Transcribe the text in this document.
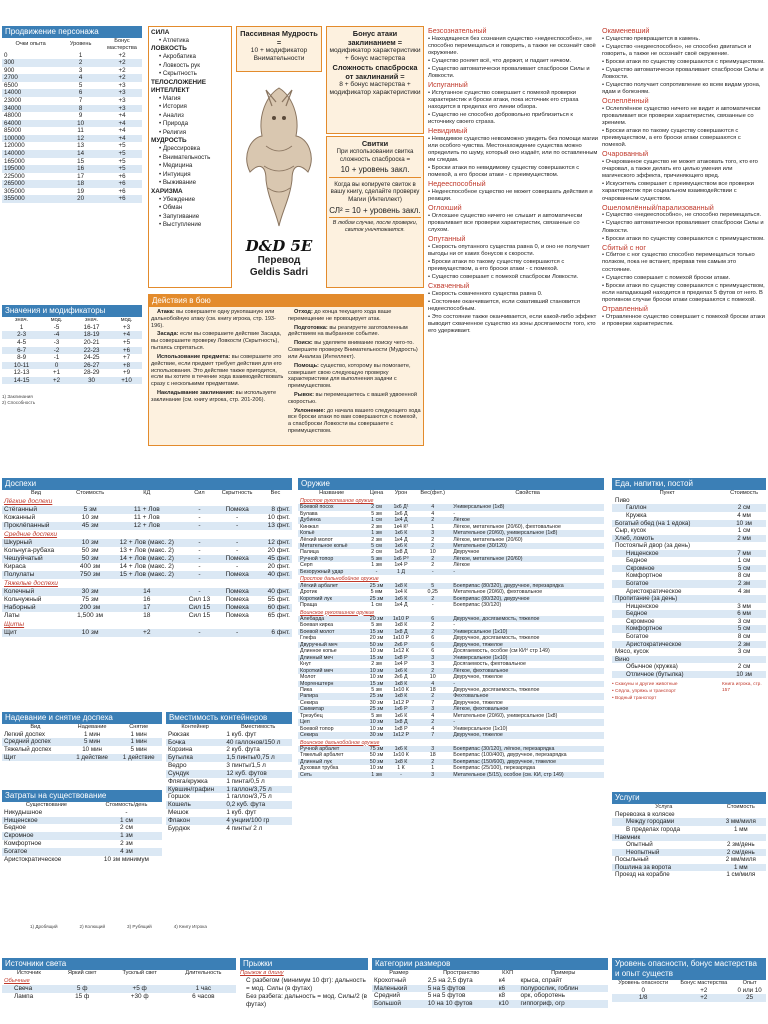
Продвижение персонажа
Очки опыта	Уровень	Бонус мастерства
0	1	+2
300	2	+2
900	3	+2
2700	4	+2
6500	5	+3
14000	6	+3
23000	7	+3
34000	8	+3
48000	9	+4
64000	10	+4
85000	11	+4
100000	12	+4
120000	13	+5
140000	14	+5
165000	15	+5
195000	16	+5
225000	17	+6
265000	18	+6
305000	19	+6
355000	20	+6
Значения и модификаторы
знач.	мод.	знач.	мод.
1	-5	16-17	+3
2-3	-4	18-19	+4
4-5	-3	20-21	+5
6-7	-2	22-23	+6
8-9	-1	24-25	+7
10-11	0	26-27	+8
12-13	+1	28-29	+9
14-15	+2	30	+10
1) Заклинания
2) Способность
СИЛА
• Атлетика
ЛОВКОСТЬ
• Акробатика
• Ловкость рук
• Скрытность
ТЕЛОСЛОЖЕНИЕ
ИНТЕЛЛЕКТ
• Магия
• История
• Анализ
• Природа
• Религия
МУДРОСТЬ
• Дрессировка
• Внимательность
• Медицина
• Интуиция
• Выживание
ХАРИЗМА
• Убеждение
• Обман
• Запугивание
• Выступление
Пассивная Мудрость =
10 + модификатор Внимательности
Бонус атаки заклинанием =
модификатор характеристики + бонус мастерства
Сложность спасброска от заклинаний =
8 + бонус мастерства + модификатор характеристики
D&D 5E
Перевод
Geldis Sadri
Свитки
При использовании свитка сложность спасброска =
10 + уровень закл.
Когда вы копируете свиток в вашу книгу, сделайте проверку Магии (Интеллект)
СЛ² = 10 + уровень закл.
В любом случае, после проверки, свиток уничтожается.
Действия в бою
Атака: вы совершаете одну рукопашную или дальнобойную атаку (см. книгу игрока, стр. 193-196).
Засада: если вы совершаете действие Засада, вы совершаете проверку Ловкости (Скрытность), пытаясь спрятаться.
Использование предмета: вы совершаете это действие, если предмет требует действия для его использования. Это действие также пригодится, если вы хотите в течение хода взаимодействовать сразу с несколькими предметами.
Накладывание заклинания: вы используете заклинание (см. книгу игрока, стр. 201-206).
Отход: до конца текущего хода ваше перемещение не провоцирует атак.
Подготовка: вы реагируете заготовленным действием на выбранное событие.
Поиск: вы уделяете внимание поиску чего-то. Совершите проверку Внимательности (Мудрость) или Анализа (Интеллект).
Помощь: существо, которому вы помогаете, совершает свою следующую проверку характеристики для выполнения задачи с преимуществом.
Рывок: вы перемещаетесь с вашей удвоенной скоростью.
Уклонение: до начала вашего следующего хода все броски атаки по вам совершаются с помехой, а спасброски Ловкости вы совершаете с преимуществом.
Безсознательный
• Находящееся без сознания существо «недееспособно», не способно перемещаться и говорить, а также не осознаёт своё окружение.
• Существо роняет всё, что держит, и падает ничком.
• Существо автоматически проваливает спасброски Силы и Ловкости.
Испуганный
• Испуганное существо совершает с помехой проверки характеристик и броски атаки, пока источник его страха находится в пределах его линии обзора.
• Существо не способно добровольно приблизиться к источнику своего страха.
Невидимый
• Невидимое существо невозможно увидеть без помощи магии или особого чувства. Местонахождение существа можно определить по шуму, который оно издаёт, или по оставленным им следам.
• Броски атаки по невидимому существу совершаются с помехой, а его броски атаки - с преимуществом.
Недееспособный
• Недееспособное существо не может совершать действия и реакции.
Оглохший
• Оглохшее существо ничего не слышит и автоматически проваливает все проверки характеристик, связанные со слухом.
Опутанный
• Скорость опутанного существа равна 0, и оно не получает выгоды ни от каких бонусов к скорости.
• Броски атаки по такому существу совершаются с преимуществом, а его броски атаки - с помехой.
• Существо совершает с помехой спасброски Ловкости.
Схваченный
• Скорость схваченного существа равна 0.
• Состояние оканчивается, если схвативший становится недееспособным.
• Это состояние также оканчивается, если какой-либо эффект выводит схваченное существо из зоны досягаемости того, кто его удерживает.
Окаменевший
• Существо превращается в камень.
• Существо «недееспособно», не способно двигаться и говорить, а также не осознаёт своё окружение.
• Броски атаки по существу совершаются с преимуществом.
• Существо автоматически проваливает спасброски Силы и Ловкости.
• Существо получает сопротивление ко всем видам урона, ядам и болезням.
Ослеплённый
• Ослеплённое существо ничего не видит и автоматически проваливает все проверки характеристик, связанные со зрением.
• Броски атаки по такому существу совершаются с преимуществом, а его броски атаки совершаются с помехой.
Очарованный
• Очарованное существо не может атаковать того, кто его очаровал, а также делать его целью умения или магического эффекта, причиняющего вред.
• Искуситель совершает с преимуществом все проверки характеристик при социальном взаимодействии с очарованным существом.
Ошеломлённый/парализованный
• Существо «недееспособно», не способно перемещаться.
• Существо автоматически проваливает спасброски Силы и Ловкости.
• Броски атаки по существу совершаются с преимуществом.
Сбитый с ног
• Сбитое с ног существо способно перемещаться только ползком, пока не встанет, прервав тем самым это состояние.
• Существо совершает с помехой броски атаки.
• Броски атаки по существу совершаются с преимуществом, если нападающий находится в пределах 5 футов от него. В противном случае броски атаки совершаются с помехой.
Отравленный
• Отравленное существо совершает с помехой броски атаки и проверки характеристик.
Доспехи
Вид	Стоимость	КД	Сил	Скрытность	Вес
Лёгкие доспехи					
Стёганный	5 зм	11 + Лов	-	Помеха	8 фнт.
Кожанный	10 зм	11 + Лов	-	-	10 фнт.
Проклёпанный	45 зм	12 + Лов	-	-	13 фнт.
Средние доспехи					
Шкурный	10 зм	12 + Лов (макс. 2)	-	-	12 фнт.
Кольчуга-рубаха	50 зм	13 + Лов (макс. 2)	-	-	20 фнт.
Чешуйчатый	50 зм	14 + Лов (макс. 2)	-	Помеха	45 фнт.
Кираса	400 зм	14 + Лов (макс. 2)	-	-	20 фнт.
Полулаты	750 зм	15 + Лов (макс. 2)	-	Помеха	40 фнт.
Тяжелые доспехи					
Колечный	30 зм	14	-	Помеха	40 фнт.
Кольчужный	75 зм	16	Сил 13	Помеха	55 фнт.
Наборный	200 зм	17	Сил 15	Помеха	60 фнт.
Латы	1,500 зм	18	Сил 15	Помеха	65 фнт.
Щиты					
Щит	10 зм	+2	-	-	6 фнт.
Надевание и снятие доспеха
Вид	Надевание	Снятие
Легкий доспех	1 мин	1 мин
Средний доспех	5 мин	1 мин
Тяжелый доспех	10 мин	5 мин
Щит	1 действие	1 действие
Затраты на существование
Существование	Стоимость/день
Никудышное	-
Нищенское	1 см
Бедное	2 см
Скромное	1 зм
Комфортное	2 зм
Богатое	4 зм
Аристократическое	10 зм минимум
Вместимость контейнеров
Контейнер	Вместимость
Рюкзак	1 куб. фут
Бочка	40 галлонов/150 л
Корзина	2 куб. фута
Бутылка	1,5 пинты/0,75 л
Ведро	3 пинты/1,5 л
Сундук	12 куб. футов
Фляга/кружка	1 пинта/0,5 л
Кувшин/графин	1 галлон/3,75 л
Горшок	1 галлон/3,75 л
Кошель	0,2 куб. фута
Мешок	1 куб. фут
Флакон	4 унции/100 гр
Бурдюк	4 пинты/ 2 л
1) Дробящий	2) Колющий	3) Рубящий	4) Книгу Игрока
Оружие
Название	Цена	Урон	Вес(фнт.)	Свойства
Простое рукопашное оружие				
Боевой посох	2 см	1к6 Д¹	4	Универсальное (1к8)
Булава	5 зм	1к6 Д	4	-
Дубинка	1 см	1к4 Д	2	Лёгкое
Кинжал	2 зм	1к4 К²	1	Лёгкое, метательное (20/60), фехтовальное
Копьё	1 зм	1к6 К	3	Метательное (20/60), универсальное (1к8)
Лёгкий молот	2 зм	1к4 Д	2	Лёгкое, метательное (20/60)
Метательное копьё	5 см	1к6 К	2	Метательное (30/120)
Палица	2 см	1к8 Д	10	Двуручное
Ручной топор	5 зм	1к6 Р³	2	Лёгкое, метательное (20/60)
Серп	1 зм	1к4 Р	2	Лёгкое
Безоружный удар	-	1 Д	-	-
Простое дальнобойное оружие				
Лёгкий арбалет	25 зм	1к8 К	5	Боеприпас (80/320), двуручное, перезарядка
Дротик	5 мм	1к4 К	0,25	Метательное (20/60), фехтовальное
Короткий лук	25 зм	1к6 К	2	Боеприпас (80/320), двуручное
Праща	1 см	1к4 Д	-	Боеприпас (30/120)
Воинское рукопашное оружие				
Алебарда	20 зм	1к10 Р	6	Двуручное, досягаемость, тяжелое
Боевая кирка	5 зм	1к8 К	2	-
Боевой молот	15 зм	1к8 Д	2	Универсальное (1к10)
Глефа	20 зм	1к10 Р	6	Двуручное, досягаемость, тяжелое
Двуручный меч	50 зм	2к6 Р	6	Двуручное, тяжелое
Длинное копье	10 зм	1к12 К	6	Досягаемость, особое (см КИ⁴ стр 149)
Длинный меч	15 зм	1к8 Р	3	Универсальное (1к10)
Кнут	2 зм	1к4 Р	3	Досягаемость, фехтовальное
Короткий меч	10 зм	1к6 К	2	Лёгкое, фехтовальное
Молот	10 зм	2к6 Д	10	Двуручное, тяжелое
Моргенштерн	15 зм	1к8 К	4	-
Пика	5 зм	1к10 К	18	Двуручное, досягаемость, тяжелое
Рапира	25 зм	1к8 К	2	Фехтовальное
Секира	30 зм	1к12 Р	7	Двуручное, тяжелое
Скимитар	25 зм	1к6 Р	3	Лёгкое, фехтовальное
Трезубец	5 зм	1к6 К	4	Метательное (20/60), универсальное (1к8)
Цеп	10 зм	1к8 Д	2	-
Боевой топор	10 зм	1к8 Р	4	Универсальное (1к10)
Секира	30 зм	1к12 Р	7	Двуручное, тяжелое
Воинское дальнобойное оружие				
Ручной арбалет	75 зм	1к6 К	3	Боеприпас (30/120), лёгкое, перезарядка
Тяжелый арбалет	50 зм	1к10 К	18	Боеприпас (100/400), двуручное, перезарядка
Длинный лук	50 зм	1к8 К	2	Боеприпас (150/600), двуручное, тяжелое
Духовая трубка	10 зм	1 К	1	Боеприпас (25/100), перезарядка
Сеть	1 зм	-	3	Метательное (5/15), особое (см. КИ, стр 149)
Еда, напитки, постой
Пункт	Стоимость
Пиво	
Галлон	2 см
Кружка	4 мм
Богатый обед (на 1 едока)	10 зм
Сыр, кусок	1 см
Хлеб, ломоть	2 мм
Постоялый двор (за день)	
Нищенское	7 мм
Бедное	1 см
Скромное	5 см
Комфортное	8 см
Богатое	2 зм
Аристократическое	4 зм
Пропитание (за день)	
Нищенское	3 мм
Бедное	6 мм
Скромное	3 см
Комфортное	5 см
Богатое	8 см
Аристократическое	2 зм
Мясо, кусок	3 см
Вино	
Обычное (кружка)	2 см
Отличное (бутылка)	10 зм
• Скакуны и другие животные
• Сёдла, упряжь и транспорт
• Водный транспорт
Книга игрока, стр. 157
Услуги
Услуга	Стоимость
Перевозка в коляске	
Между городами	3 мм/миля
В пределах города	1 мм
Наемник	
Опытный	2 зм/день
Неопытный	2 см/день
Посыльный	2 мм/миля
Пошлина за ворота	1 мм
Проезд на корабле	1 см/миля
Источники света
Источник	Яркий свет	Тусклый свет	Длительность
Обычные			
Свеча	5 ф	+5 ф	1 час
Лампа	15 ф	+30 ф	6 часов
Прыжки
Прыжок в длину
С разбегом (минимум 10 фт): дальность = мод. Силы (в футах)
Без разбега: дальность = мод. Силы/2 (в футах)
Категории размеров
Размер	Пространство	КХП	Примеры
Крохотный	2,5 на 2,5 фута	к4	крыса, спрайт
Маленький	5 на 5 футов	к6	полурослик, гоблин
Средний	5 на 5 футов	к8	орк, оборотень
Большой	10 на 10 футов	к10	гиппогриф, огр
Уровень опасности, бонус мастерства и опыт существ
Уровень опасности	Бонус мастерства	Опыт
0	+2	0 или 10
1/8	+2	25
